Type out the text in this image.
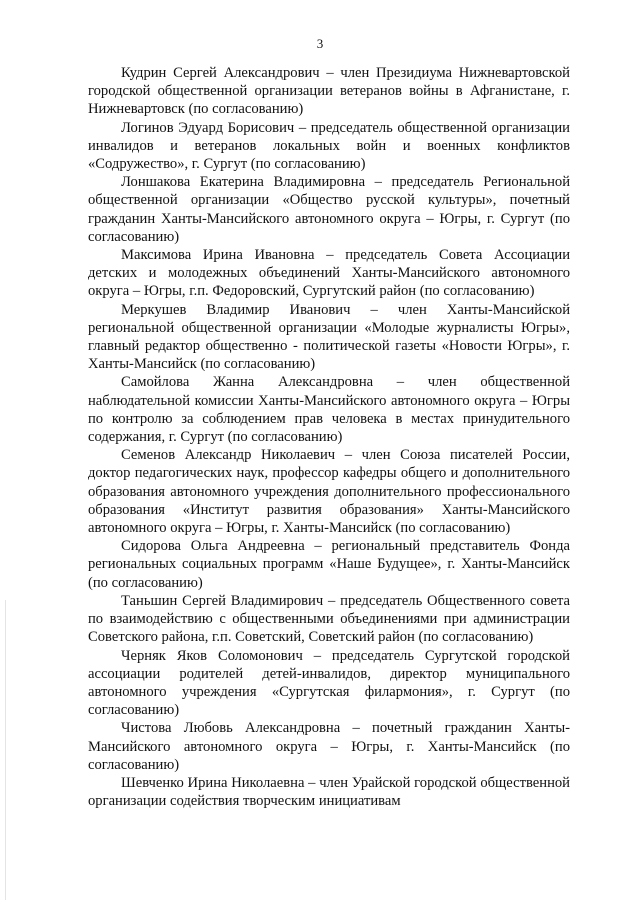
3

Кудрин Сергей Александрович – член Президиума Нижневартовской городской общественной организации ветеранов войны в Афганистане, г. Нижневартовск (по согласованию)

Логинов Эдуард Борисович – председатель общественной организации инвалидов и ветеранов локальных войн и военных конфликтов «Содружество», г. Сургут (по согласованию)

Лоншакова Екатерина Владимировна – председатель Региональной общественной организации «Общество русской культуры», почетный гражданин Ханты-Мансийского автономного округа – Югры, г. Сургут (по согласованию)

Максимова Ирина Ивановна – председатель Совета Ассоциации детских и молодежных объединений Ханты-Мансийского автономного округа – Югры, г.п. Федоровский, Сургутский район (по согласованию)

Меркушев Владимир Иванович – член Ханты-Мансийской региональной общественной организации «Молодые журналисты Югры», главный редактор общественно - политической газеты «Новости Югры», г. Ханты-Мансийск (по согласованию)

Самойлова Жанна Александровна – член общественной наблюдательной комиссии Ханты-Мансийского автономного округа – Югры по контролю за соблюдением прав человека в местах принудительного содержания, г. Сургут (по согласованию)

Семенов Александр Николаевич – член Союза писателей России, доктор педагогических наук, профессор кафедры общего и дополнительного образования автономного учреждения дополнительного профессионального образования «Институт развития образования» Ханты-Мансийского автономного округа – Югры, г. Ханты-Мансийск (по согласованию)

Сидорова Ольга Андреевна – региональный представитель Фонда региональных социальных программ «Наше Будущее», г. Ханты-Мансийск (по согласованию)

Таньшин Сергей Владимирович – председатель Общественного совета по взаимодействию с общественными объединениями при администрации Советского района, г.п. Советский, Советский район (по согласованию)

Черняк Яков Соломонович – председатель Сургутской городской ассоциации родителей детей-инвалидов, директор муниципального автономного учреждения «Сургутская филармония», г. Сургут (по согласованию)

Чистова Любовь Александровна – почетный гражданин Ханты-Мансийского автономного округа – Югры, г. Ханты-Мансийск (по согласованию)

Шевченко Ирина Николаевна – член Урайской городской общественной организации содействия творческим инициативам
